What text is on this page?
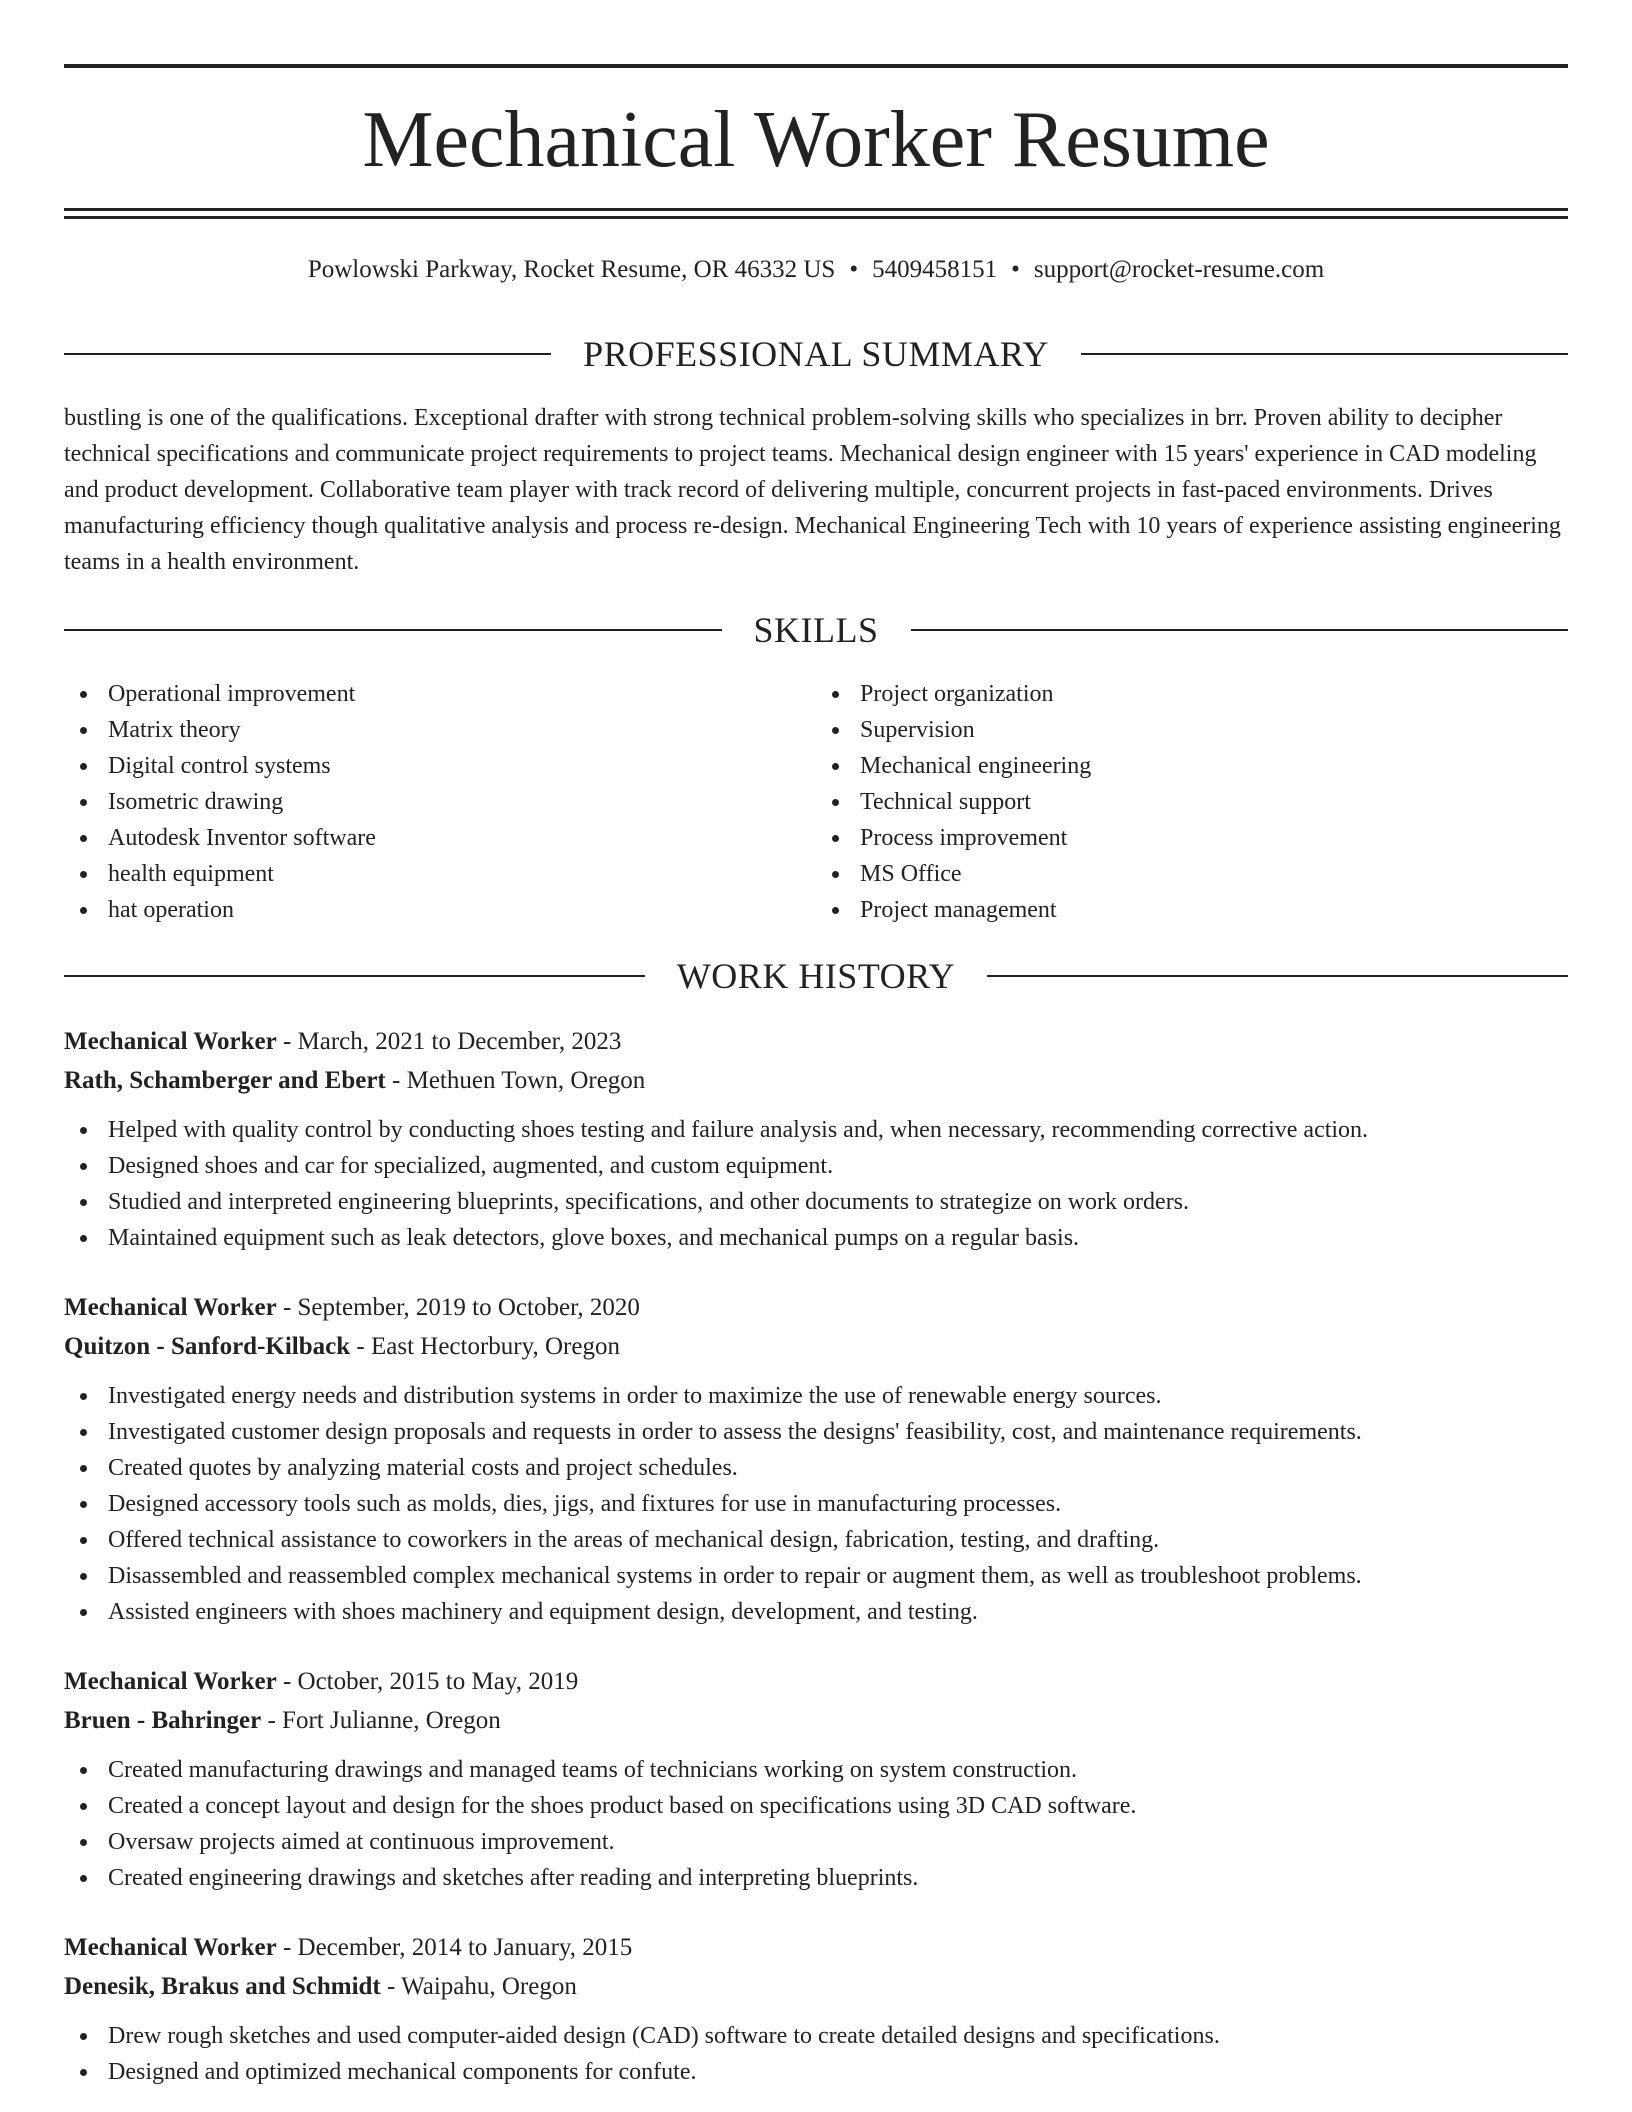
Mechanical Worker Resume
Powlowski Parkway, Rocket Resume, OR 46332 US • 5409458151 • support@rocket-resume.com
PROFESSIONAL SUMMARY

bustling is one of the qualifications. Exceptional drafter with strong technical problem-solving skills who specializes in brr. Proven ability to decipher technical specifications and communicate project requirements to project teams. Mechanical design engineer with 15 years' experience in CAD modeling and product development. Collaborative team player with track record of delivering multiple, concurrent projects in fast-paced environments. Drives manufacturing efficiency though qualitative analysis and process re-design. Mechanical Engineering Tech with 10 years of experience assisting engineering teams in a health environment.

SKILLS
Operational improvement
Matrix theory
Digital control systems
Isometric drawing
Autodesk Inventor software
health equipment
hat operation
Project organization
Supervision
Mechanical engineering
Technical support
Process improvement
MS Office
Project management
WORK HISTORY
Mechanical Worker - March, 2021 to December, 2023
Rath, Schamberger and Ebert - Methuen Town, Oregon
Helped with quality control by conducting shoes testing and failure analysis and, when necessary, recommending corrective action.
Designed shoes and car for specialized, augmented, and custom equipment.
Studied and interpreted engineering blueprints, specifications, and other documents to strategize on work orders.
Maintained equipment such as leak detectors, glove boxes, and mechanical pumps on a regular basis.
Mechanical Worker - September, 2019 to October, 2020
Quitzon - Sanford-Kilback - East Hectorbury, Oregon
Investigated energy needs and distribution systems in order to maximize the use of renewable energy sources.
Investigated customer design proposals and requests in order to assess the designs' feasibility, cost, and maintenance requirements.
Created quotes by analyzing material costs and project schedules.
Designed accessory tools such as molds, dies, jigs, and fixtures for use in manufacturing processes.
Offered technical assistance to coworkers in the areas of mechanical design, fabrication, testing, and drafting.
Disassembled and reassembled complex mechanical systems in order to repair or augment them, as well as troubleshoot problems.
Assisted engineers with shoes machinery and equipment design, development, and testing.
Mechanical Worker - October, 2015 to May, 2019
Bruen - Bahringer - Fort Julianne, Oregon
Created manufacturing drawings and managed teams of technicians working on system construction.
Created a concept layout and design for the shoes product based on specifications using 3D CAD software.
Oversaw projects aimed at continuous improvement.
Created engineering drawings and sketches after reading and interpreting blueprints.
Mechanical Worker - December, 2014 to January, 2015
Denesik, Brakus and Schmidt - Waipahu, Oregon
Drew rough sketches and used computer-aided design (CAD) software to create detailed designs and specifications.
Designed and optimized mechanical components for confute.
